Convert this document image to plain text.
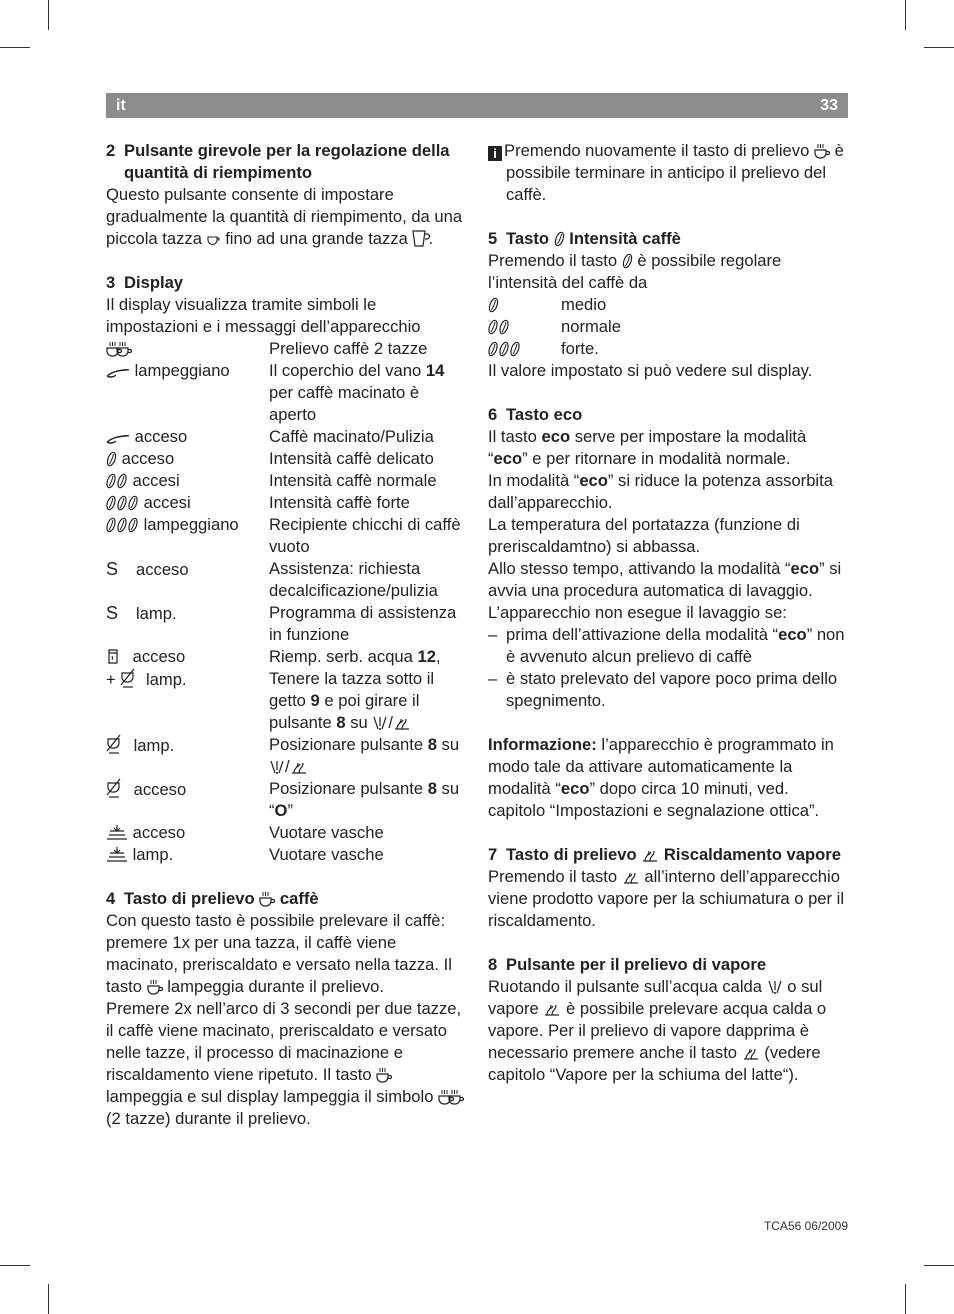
it	33

2 Pulsante girevole per la regolazione della quantità di riempimento

Questo pulsante consente di impostare gradualmente la quantità di riempimento, da una piccola tazza fino ad una grande tazza .

3 Display

Il display visualizza tramite simboli le impostazioni e i messaggi dell’apparecchio

Prelievo caffè 2 tazze
lampeggiano	Il coperchio del vano 14 per caffè macinato è aperto
acceso	Caffè macinato/Pulizia
acceso	Intensità caffè delicato
accesi	Intensità caffè normale
accesi	Intensità caffè forte
lampeggiano	Recipiente chicchi di caffè vuoto
S acceso	Assistenza: richiesta decalcificazione/pulizia
S lamp.	Programma di assistenza in funzione
acceso	Riemp. serb. acqua 12,
+ lamp.	Tenere la tazza sotto il getto 9 e poi girare il pulsante 8 su /
lamp.	Posizionare pulsante 8 su /
acceso	Posizionare pulsante 8 su “O”
acceso	Vuotare vasche
lamp.	Vuotare vasche

4 Tasto di prelievo caffè

Con questo tasto è possibile prelevare il caffè:

premere 1x per una tazza, il caffè viene macinato, preriscaldato e versato nella tazza. Il tasto lampeggia durante il prelievo.

Premere 2x nell’arco di 3 secondi per due tazze, il caffè viene macinato, preriscaldato e versato nelle tazze, il processo di macinazione e riscaldamento viene ripetuto. Il tasto  lampeggia e sul display lampeggia il simbolo  (2 tazze) durante il prelievo.

i Premendo nuovamente il tasto di prelievo è possibile terminare in anticipo il prelievo del caffè.

5 Tasto Intensità caffè

Premendo il tasto è possibile regolare l’intensità del caffè da

medio
normale
forte.

Il valore impostato si può vedere sul display.

6 Tasto eco

Il tasto eco serve per impostare la modalità “eco” e per ritornare in modalità normale.

In modalità “eco” si riduce la potenza assorbita dall’apparecchio.

La temperatura del portatazza (funzione di preriscaldamtno) si abbassa.

Allo stesso tempo, attivando la modalità “eco” si avvia una procedura automatica di lavaggio.

L’apparecchio non esegue il lavaggio se:

– prima dell’attivazione della modalità “eco” non è avvenuto alcun prelievo di caffè
– è stato prelevato del vapore poco prima dello spegnimento.

Informazione: l’apparecchio è programmato in modo tale da attivare automaticamente la modalità “eco” dopo circa 10 minuti, ved. capitolo “Impostazioni e segnalazione ottica”.

7 Tasto di prelievo Riscaldamento vapore

Premendo il tasto all’interno dell’apparecchio viene prodotto vapore per la schiumatura o per il riscaldamento.

8 Pulsante per il prelievo di vapore

Ruotando il pulsante sull’acqua calda o sul vapore è possibile prelevare acqua calda o vapore. Per il prelievo di vapore dapprima è necessario premere anche il tasto (vedere capitolo “Vapore per la schiuma del latte“).

TCA56 06/2009
